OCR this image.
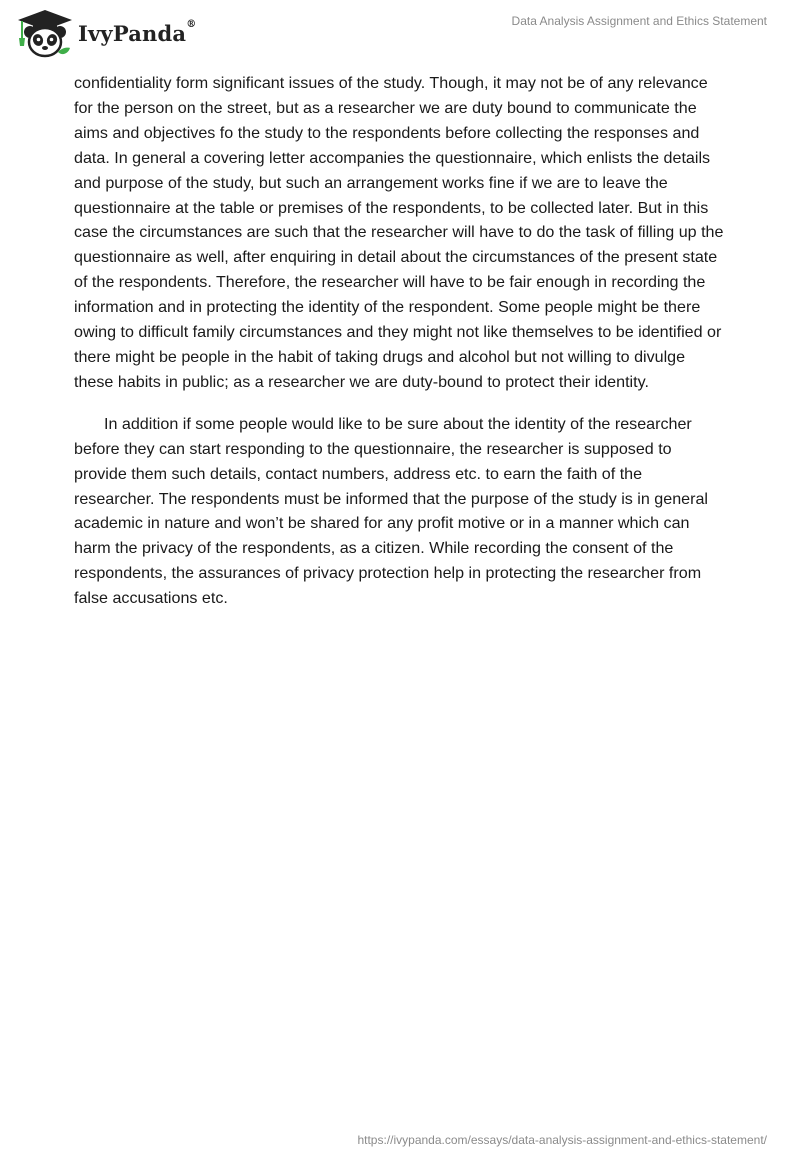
IvyPanda®	Data Analysis Assignment and Ethics Statement

confidentiality form significant issues of the study. Though, it may not be of any relevance for the person on the street, but as a researcher we are duty bound to communicate the aims and objectives fo the study to the respondents before collecting the responses and data. In general a covering letter accompanies the questionnaire, which enlists the details and purpose of the study, but such an arrangement works fine if we are to leave the questionnaire at the table or premises of the respondents, to be collected later. But in this case the circumstances are such that the researcher will have to do the task of filling up the questionnaire as well, after enquiring in detail about the circumstances of the present state of the respondents. Therefore, the researcher will have to be fair enough in recording the information and in protecting the identity of the respondent. Some people might be there owing to difficult family circumstances and they might not like themselves to be identified or there might be people in the habit of taking drugs and alcohol but not willing to divulge these habits in public; as a researcher we are duty-bound to protect their identity.

In addition if some people would like to be sure about the identity of the researcher before they can start responding to the questionnaire, the researcher is supposed to provide them such details, contact numbers, address etc. to earn the faith of the researcher. The respondents must be informed that the purpose of the study is in general academic in nature and won’t be shared for any profit motive or in a manner which can harm the privacy of the respondents, as a citizen. While recording the consent of the respondents, the assurances of privacy protection help in protecting the researcher from false accusations etc.

https://ivypanda.com/essays/data-analysis-assignment-and-ethics-statement/
